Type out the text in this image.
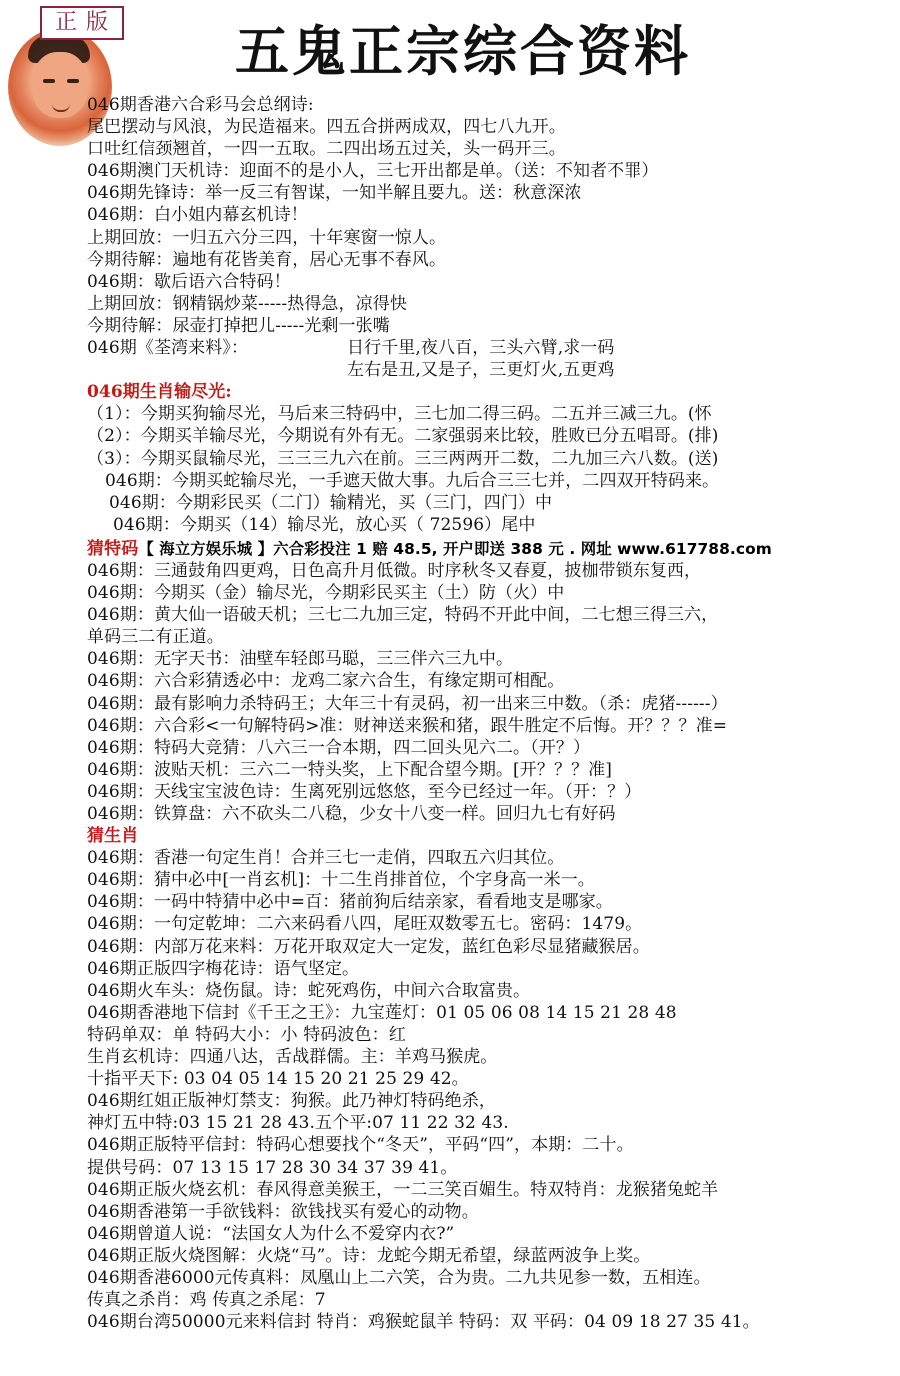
正 版 五鬼正宗综合资料
046期香港六合彩马会总纲诗:
尾巴摆动与风浪，为民造福来。四五合拼两成双，四七八九开。
口吐红信颈翘首，一四一五取。二四出场五过关，头一码开三。
046期澳门天机诗：迎面不的是小人，三七开出都是单。（送：不知者不罪）
046期先锋诗：举一反三有智谋，一知半解且要九。送：秋意深浓
046期：白小姐内幕玄机诗！
上期回放：一归五六分三四，十年寒窗一惊人。
今期待解：遍地有花皆美育，居心无事不春风。
046期：歇后语六合特码！
上期回放：钢精锅炒菜-----热得急，凉得快
今期待解：尿壶打掉把儿-----光剩一张嘴
046期《荃湾来料》：	日行千里,夜八百，三头六臂,求一码
左右是丑,又是子，三更灯火,五更鸡
046期生肖输尽光:
（1）：今期买狗输尽光，马后来三特码中，三七加二得三码。二五并三减三九。(怀
（2）：今期买羊输尽光，今期说有外有无。二家强弱来比较，胜败已分五唱哥。(排)
（3）：今期买鼠输尽光，三三三九六在前。三三两两开二数，二九加三六八数。(送)
046期：今期买蛇输尽光，一手遮天做大事。九后合三三七并，二四双开特码来。
046期：今期彩民买（二门）输精光，买（三门，四门）中
046期：今期买（14）输尽光，放心买（ 72596）尾中
猜特码【 海立方娱乐城 】六合彩投注 1 赔 48.5, 开户即送 388 元 . 网址 www.617788.com
046期：三通鼓角四更鸡，日色高升月低微。时序秋冬又春夏，披枷带锁东复西，
046期：今期买（金）输尽光，今期彩民买主（土）防（火）中
046期：黄大仙一语破天机；三七二九加三定，特码不开此中间，二七想三得三六，
单码三二有正道。
046期：无字天书：油壁车轻郎马聪，三三伴六三九中。
046期：六合彩猜透必中：龙鸡二家六合生，有缘定期可相配。
046期：最有影响力杀特码王；大年三十有灵码，初一出来三中数。（杀：虎猪------）
046期：六合彩<一句解特码>准：财神送来猴和猪，跟牛胜定不后悔。开？？？准=
046期：特码大竞猜：八六三一合本期，四二回头见六二。（开？）
046期：波贴天机：三六二一特头奖，上下配合望今期。[开？？？准]
046期：天线宝宝波色诗：生离死别远悠悠，至今已经过一年。（开：？）
046期：铁算盘：六不砍头二八稳，少女十八变一样。回归九七有好码
猜生肖
046期：香港一句定生肖！合并三七一走俏，四取五六归其位。
046期：猜中必中[一肖玄机]：十二生肖排首位，个字身高一米一。
046期：一码中特猜中必中=百：猪前狗后结亲家，看看地支是哪家。
046期：一句定乾坤：二六来码看八四，尾旺双数零五七。密码：1479。
046期：内部万花来料：万花开取双定大一定发，蓝红色彩尽显猪藏猴居。
046期正版四字梅花诗：语气坚定。
046期火车头：烧伤鼠。诗：蛇死鸡伤，中间六合取富贵。
046期香港地下信封《千王之王》：九宝莲灯：01 05 06 08 14 15 21 28 48
特码单双：单 特码大小：小 特码波色：红
生肖玄机诗：四通八达，舌战群儒。主：羊鸡马猴虎。
十指平天下: 03 04 05 14 15 20 21 25 29 42。
046期红姐正版神灯禁支：狗猴。此乃神灯特码绝杀，
神灯五中特:03 15 21 28 43.五个平:07 11 22 32 43.
046期正版特平信封：特码心想要找个“冬天”，平码“四”，本期：二十。
提供号码：07 13 15 17 28 30 34 37 39 41。
046期正版火烧玄机：春风得意美猴王，一二三笑百媚生。特双特肖：龙猴猪兔蛇羊
046期香港第一手欲钱料：欲钱找买有爱心的动物。
046期曾道人说：“法国女人为什么不爱穿内衣?”
046期正版火烧图解：火烧“马”。诗：龙蛇今期无希望，绿蓝两波争上奖。
046期香港6000元传真料：凤凰山上二六笑，合为贵。二九共见参一数，五相连。
传真之杀肖：鸡 传真之杀尾：7
046期台湾50000元来料信封 特肖：鸡猴蛇鼠羊 特码：双 平码：04 09 18 27 35 41。
